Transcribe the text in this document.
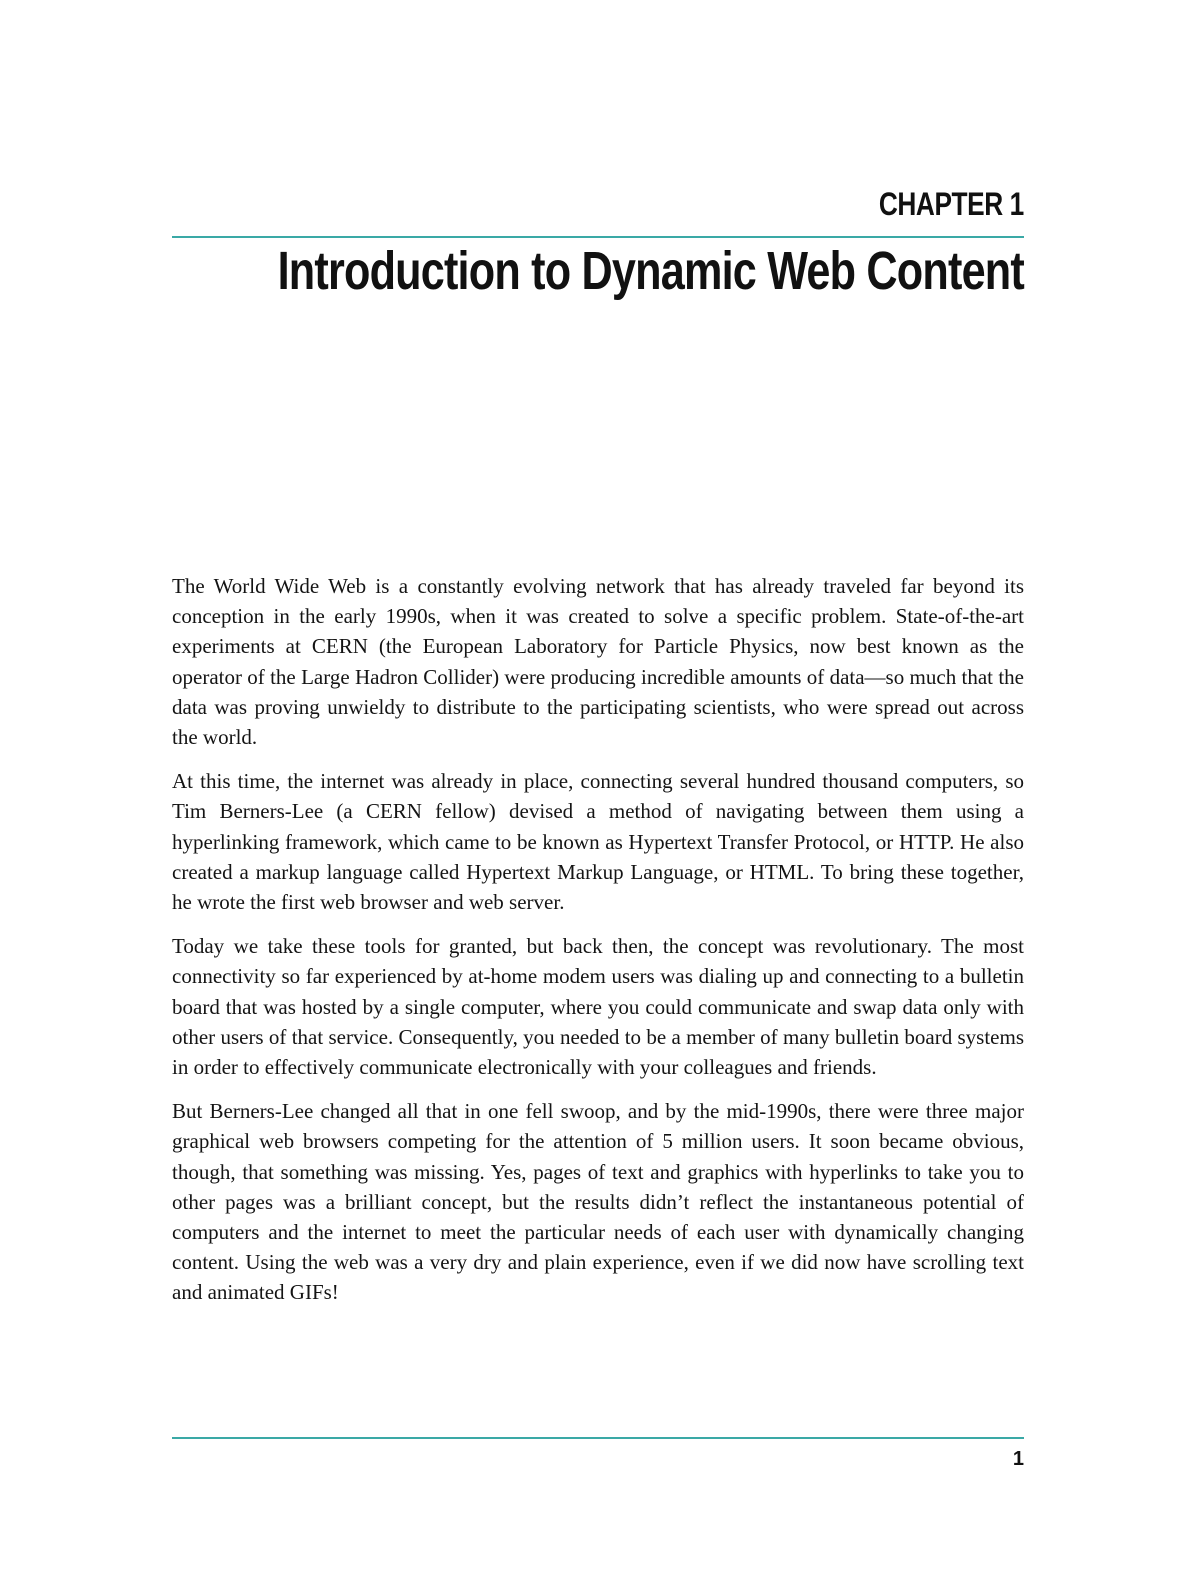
CHAPTER 1
Introduction to Dynamic Web Content

The World Wide Web is a constantly evolving network that has already traveled far beyond its conception in the early 1990s, when it was created to solve a specific problem. State-of-the-art experiments at CERN (the European Laboratory for Particle Physics, now best known as the operator of the Large Hadron Collider) were producing incredible amounts of data—so much that the data was proving unwieldy to distribute to the participating scientists, who were spread out across the world.

At this time, the internet was already in place, connecting several hundred thousand computers, so Tim Berners-Lee (a CERN fellow) devised a method of navigating between them using a hyperlinking framework, which came to be known as Hypertext Transfer Protocol, or HTTP. He also created a markup language called Hypertext Markup Language, or HTML. To bring these together, he wrote the first web browser and web server.

Today we take these tools for granted, but back then, the concept was revolutionary. The most connectivity so far experienced by at-home modem users was dialing up and connecting to a bulletin board that was hosted by a single computer, where you could communicate and swap data only with other users of that service. Consequently, you needed to be a member of many bulletin board systems in order to effectively communicate electronically with your colleagues and friends.

But Berners-Lee changed all that in one fell swoop, and by the mid-1990s, there were three major graphical web browsers competing for the attention of 5 million users. It soon became obvious, though, that something was missing. Yes, pages of text and graphics with hyperlinks to take you to other pages was a brilliant concept, but the results didn’t reflect the instantaneous potential of computers and the internet to meet the particular needs of each user with dynamically changing content. Using the web was a very dry and plain experience, even if we did now have scrolling text and animated GIFs!

1
